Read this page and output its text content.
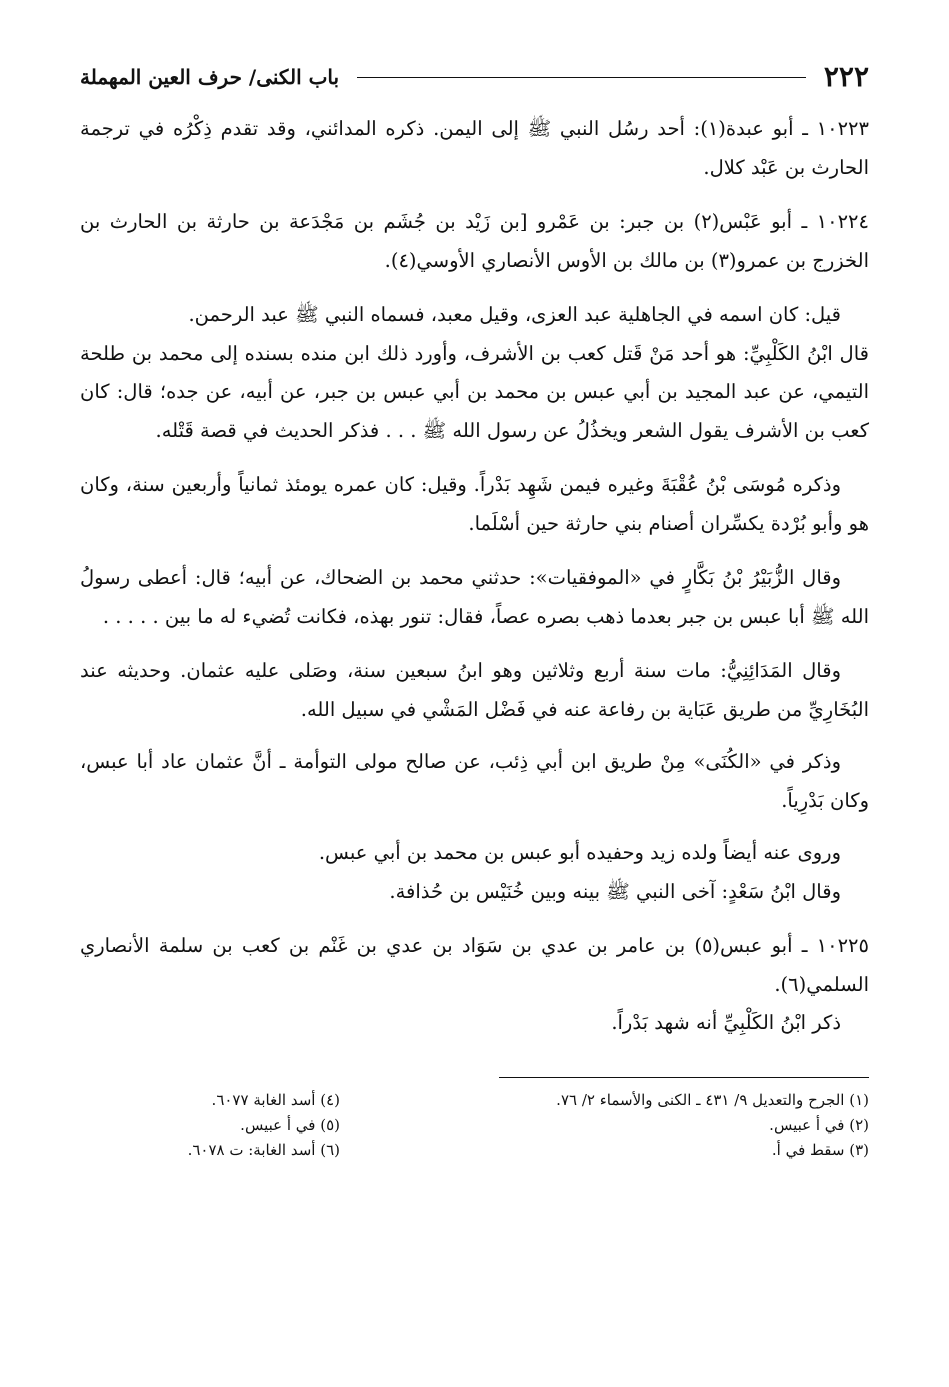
٢٢٢
باب الكنى/ حرف العين المهملة

١٠٢٢٣ ـ أبو عبدة(١): أحد رسُل النبي ﷺ إلى اليمن. ذكره المدائني، وقد تقدم ذِكْرُه في ترجمة الحارث بن عَبْد كلال.

١٠٢٢٤ ـ أبو عَبْس(٢) بن جبر: بن عَمْرو [بن زَيْد بن جُشَم بن مَجْدَعة بن حارثة بن الحارث بن الخزرج بن عمرو(٣) بن مالك بن الأوس الأنصاري الأوسي(٤).

قيل: كان اسمه في الجاهلية عبد العزى، وقيل معبد، فسماه النبي ﷺ عبد الرحمن.

قال ابْنُ الكَلْبِيِّ: هو أحد مَنْ قَتل كعب بن الأشرف، وأورد ذلك ابن منده بسنده إلى محمد بن طلحة التيمي، عن عبد المجيد بن أبي عبس بن محمد بن أبي عبس بن جبر، عن أبيه، عن جده؛ قال: كان كعب بن الأشرف يقول الشعر ويخذُلُ عن رسول الله ﷺ . . . فذكر الحديث في قصة قَتْله.

وذكره مُوسَى بْنُ عُقْبَةَ وغيره فيمن شَهِد بَدْراً. وقيل: كان عمره يومئذ ثمانياً وأربعين سنة، وكان هو وأبو بُرْدة يكسِّران أصنام بني حارثة حين أسْلَما.

وقال الزُّبَيْرُ بْنُ بَكَّارٍ في «الموفقيات»: حدثني محمد بن الضحاك، عن أبيه؛ قال: أعطى رسولُ الله ﷺ أبا عبس بن جبر بعدما ذهب بصره عصاً، فقال: تنور بهذه، فكانت تُضيء له ما بين . . . . .

وقال المَدَائِنِيُّ: مات سنة أربع وثلاثين وهو ابنُ سبعين سنة، وصَلى عليه عثمان. وحديثه عند البُخَارِيِّ من طريق عَبَاية بن رفاعة عنه في فَضْل المَشْي في سبيل الله.

وذكر في «الكُنَى» مِنْ طريق ابن أبي ذِئب، عن صالح مولى التوأمة ـ أنَّ عثمان عاد أبا عبس، وكان بَدْرِياً.

وروى عنه أيضاً ولده زيد وحفيده أبو عبس بن محمد بن أبي عبس.

وقال ابْنُ سَعْدٍ: آخى النبي ﷺ بينه وبين خُنَيْس بن حُذافة.

١٠٢٢٥ ـ أبو عبس(٥) بن عامر بن عدي بن سَوَاد بن عدي بن غَنْم بن كعب بن سلمة الأنصاري السلمي(٦).

ذكر ابْنُ الكَلْبِيِّ أنه شهد بَدْراً.

(١) الجرح والتعديل ٩/ ٤٣١ ـ الكنى والأسماء ٢/ ٧٦.
(٢) في أ عبيس.
(٣) سقط في أ.
(٤) أسد الغابة ٦٠٧٧.
(٥) في أ عبيس.
(٦) أسد الغابة: ت ٦٠٧٨.
